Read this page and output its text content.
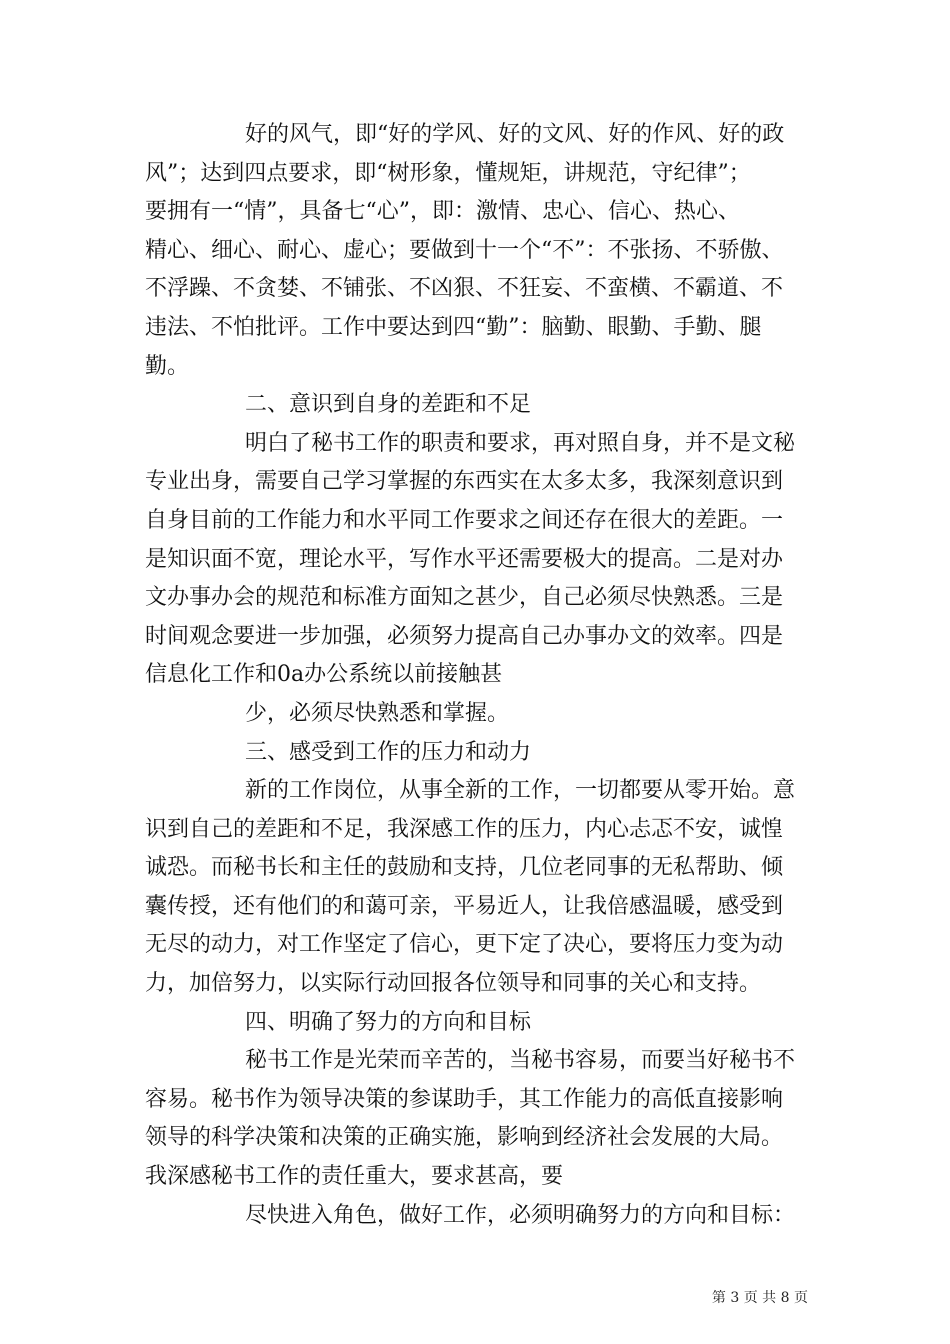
好的风气，即“好的学风、好的文风、好的作风、好的政
风”；达到四点要求，即“树形象，懂规矩，讲规范，守纪律”；
要拥有一“情”，具备七“心”，即：激情、忠心、信心、热心、
精心、细心、耐心、虚心；要做到十一个“不”：不张扬、不骄傲、
不浮躁、不贪婪、不铺张、不凶狠、不狂妄、不蛮横、不霸道、不
违法、不怕批评。工作中要达到四“勤”：脑勤、眼勤、手勤、腿
勤。
二、意识到自身的差距和不足
明白了秘书工作的职责和要求，再对照自身，并不是文秘
专业出身，需要自己学习掌握的东西实在太多太多，我深刻意识到
自身目前的工作能力和水平同工作要求之间还存在很大的差距。一
是知识面不宽，理论水平，写作水平还需要极大的提高。二是对办
文办事办会的规范和标准方面知之甚少，自己必须尽快熟悉。三是
时间观念要进一步加强，必须努力提高自己办事办文的效率。四是
信息化工作和0a办公系统以前接触甚
少，必须尽快熟悉和掌握。
三、感受到工作的压力和动力
新的工作岗位，从事全新的工作，一切都要从零开始。意
识到自己的差距和不足，我深感工作的压力，内心忐忑不安，诚惶
诚恐。而秘书长和主任的鼓励和支持，几位老同事的无私帮助、倾
囊传授，还有他们的和蔼可亲，平易近人，让我倍感温暖，感受到
无尽的动力，对工作坚定了信心，更下定了决心，要将压力变为动
力，加倍努力，以实际行动回报各位领导和同事的关心和支持。
四、明确了努力的方向和目标
秘书工作是光荣而辛苦的，当秘书容易，而要当好秘书不
容易。秘书作为领导决策的参谋助手，其工作能力的高低直接影响
领导的科学决策和决策的正确实施，影响到经济社会发展的大局。
我深感秘书工作的责任重大，要求甚高，要
尽快进入角色，做好工作，必须明确努力的方向和目标：
第 3 页 共 8 页
